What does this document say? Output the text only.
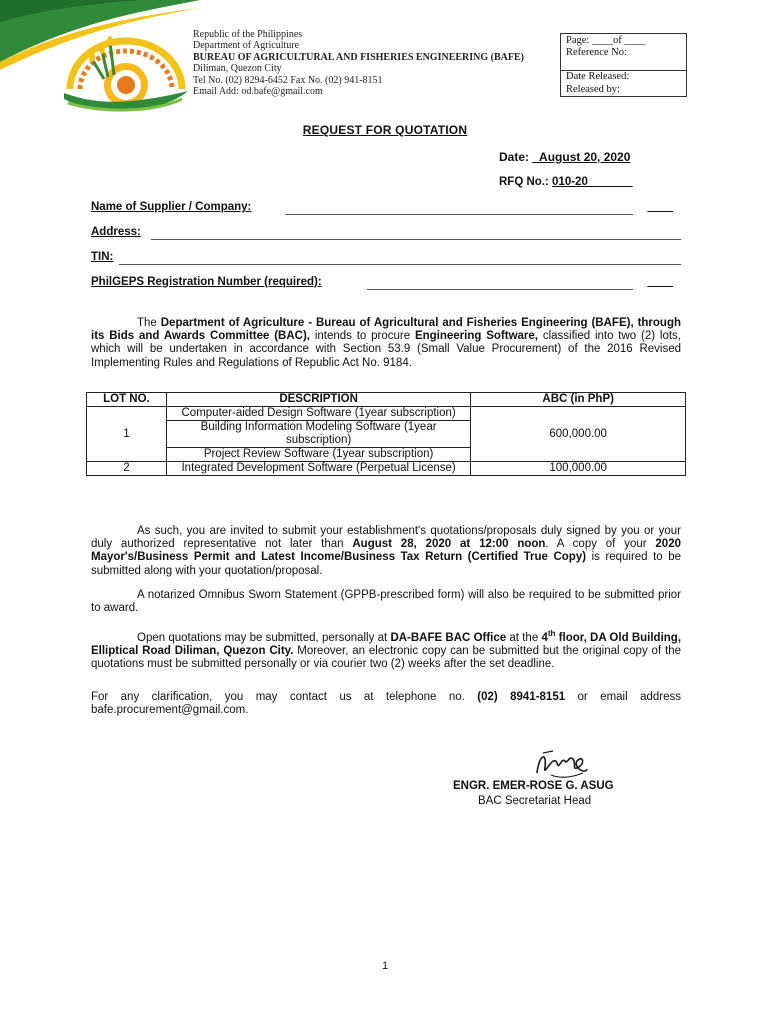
Republic of the Philippines
Department of Agriculture
BUREAU OF AGRICULTURAL AND FISHERIES ENGINEERING (BAFE)
Diliman, Quezon City
Tel No. (02) 8294-6452 Fax No. (02) 941-8151
Email Add: od.bafe@gmail.com
Page: ____of ____
Reference No:
Date Released:
Released by:
REQUEST FOR QUOTATION
Date: _August 20, 2020
RFQ No.: 010-20_______
Name of Supplier / Company:	____
Address:
TIN:
PhilGEPS Registration Number (required):	____
The Department of Agriculture - Bureau of Agricultural and Fisheries Engineering (BAFE), through its Bids and Awards Committee (BAC), intends to procure Engineering Software, classified into two (2) lots, which will be undertaken in accordance with Section 53.9 (Small Value Procurement) of the 2016 Revised Implementing Rules and Regulations of Republic Act No. 9184.
LOT NO.	DESCRIPTION	ABC (in PhP)
1	Computer-aided Design Software (1year subscription)	600,000.00
	Building Information Modeling Software (1year subscription)	
	Project Review Software (1year subscription)	
2	Integrated Development Software (Perpetual License)	100,000.00
As such, you are invited to submit your establishment's quotations/proposals duly signed by you or your duly authorized representative not later than August 28, 2020 at 12:00 noon. A copy of your 2020 Mayor's/Business Permit and Latest Income/Business Tax Return (Certified True Copy) is required to be submitted along with your quotation/proposal.
A notarized Omnibus Sworn Statement (GPPB-prescribed form) will also be required to be submitted prior to award.
Open quotations may be submitted, personally at DA-BAFE BAC Office at the 4th floor, DA Old Building, Elliptical Road Diliman, Quezon City. Moreover, an electronic copy can be submitted but the original copy of the quotations must be submitted personally or via courier two (2) weeks after the set deadline.
For any clarification, you may contact us at telephone no. (02) 8941-8151 or email address bafe.procurement@gmail.com.
ENGR. EMER-ROSE G. ASUG
BAC Secretariat Head
1
